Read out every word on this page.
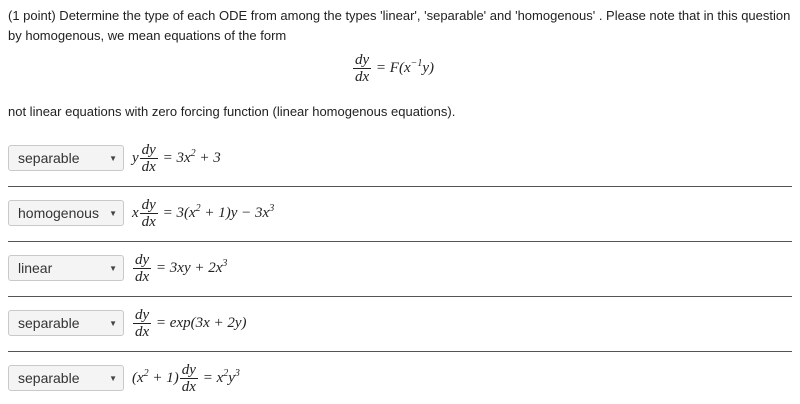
(1 point) Determine the type of each ODE from among the types 'linear', 'separable' and 'homogenous' . Please note that in this question by homogenous, we mean equations of the form
$\frac{dy}{dx} = F(x^{-1}y)$
not linear equations with zero forcing function (linear homogenous equations).
separable	▼ y $\frac{dy}{dx} = 3x^2 + 3$
homogenous ▼ x $\frac{dy}{dx} = 3(x^2 + 1)y - 3x^3$
linear	▼ $\frac{dy}{dx} = 3xy + 2x^3$
separable	▼ $\frac{dy}{dx} = \exp(3x + 2y)$
separable	▼ $(x^2 + 1) \frac{dy}{dx} = x^2y^3$
